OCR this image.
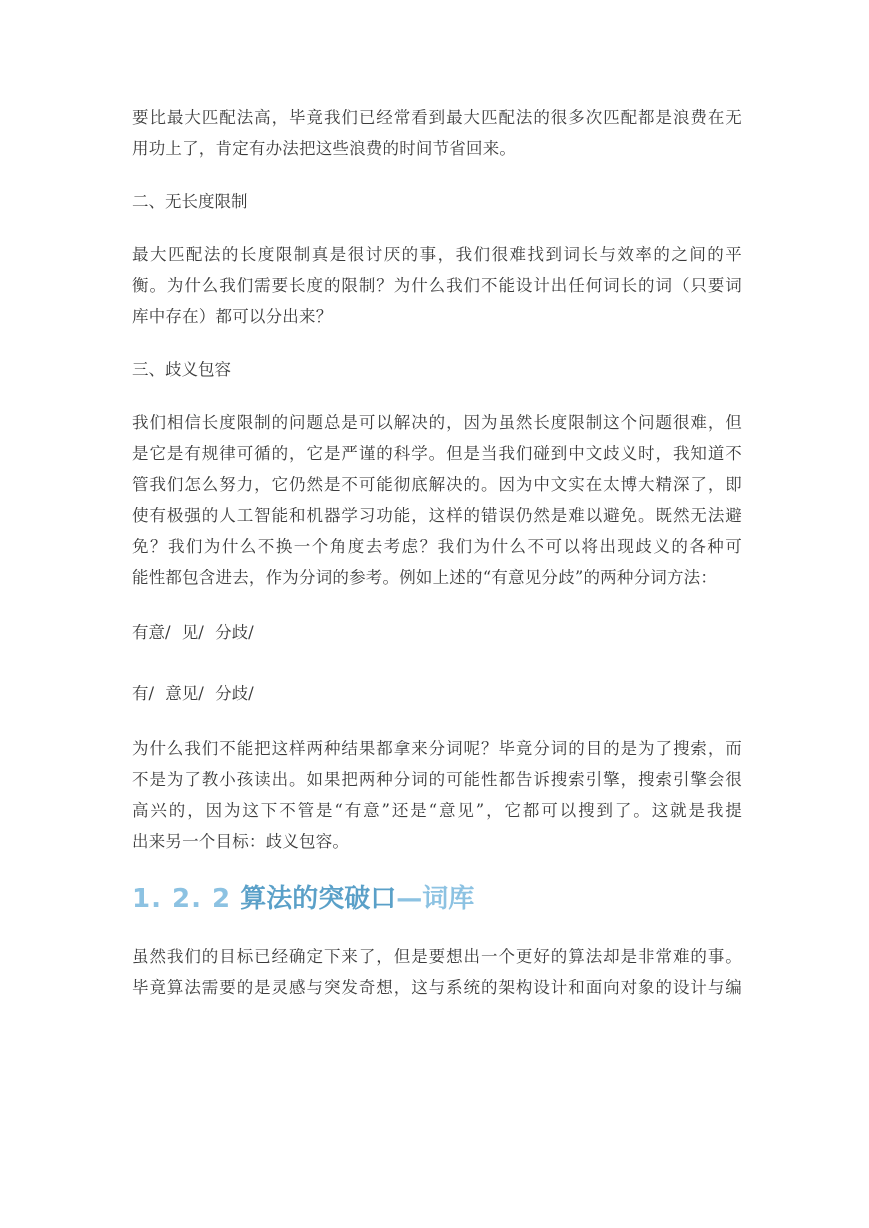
要比最大匹配法高，毕竟我们已经常看到最大匹配法的很多次匹配都是浪费在无
用功上了，肯定有办法把这些浪费的时间节省回来。

二、无长度限制

最大匹配法的长度限制真是很讨厌的事，我们很难找到词长与效率的之间的平
衡。为什么我们需要长度的限制？为什么我们不能设计出任何词长的词（只要词
库中存在）都可以分出来？

三、歧义包容

我们相信长度限制的问题总是可以解决的，因为虽然长度限制这个问题很难，但
是它是有规律可循的，它是严谨的科学。但是当我们碰到中文歧义时，我知道不
管我们怎么努力，它仍然是不可能彻底解决的。因为中文实在太博大精深了，即
使有极强的人工智能和机器学习功能，这样的错误仍然是难以避免。既然无法避
免？我们为什么不换一个角度去考虑？我们为什么不可以将出现歧义的各种可
能性都包含进去，作为分词的参考。例如上述的“有意见分歧”的两种分词方法：

有意/ 见/ 分歧/

有/ 意见/ 分歧/

为什么我们不能把这样两种结果都拿来分词呢？毕竟分词的目的是为了搜索，而
不是为了教小孩读出。如果把两种分词的可能性都告诉搜索引擎，搜索引擎会很
高兴的，因为这下不管是“有意”还是“意见”，它都可以搜到了。这就是我提
出来另一个目标：歧义包容。

1. 2. 2 算法的突破口—词库

虽然我们的目标已经确定下来了，但是要想出一个更好的算法却是非常难的事。
毕竟算法需要的是灵感与突发奇想，这与系统的架构设计和面向对象的设计与编
